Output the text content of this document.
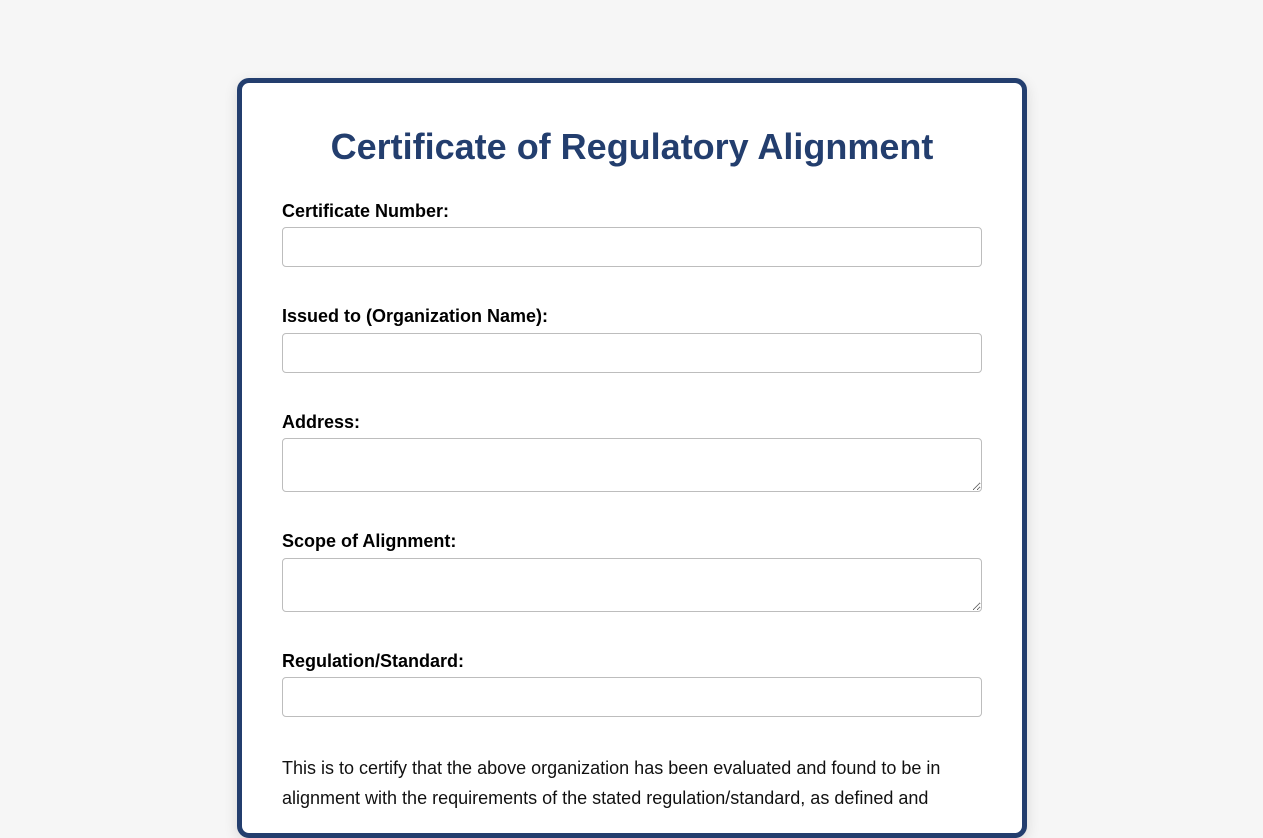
Certificate of Regulatory Alignment
Certificate Number:
Issued to (Organization Name):
Address:
Scope of Alignment:
Regulation/Standard:

This is to certify that the above organization has been evaluated and found to be in alignment with the requirements of the stated regulation/standard, as defined and
